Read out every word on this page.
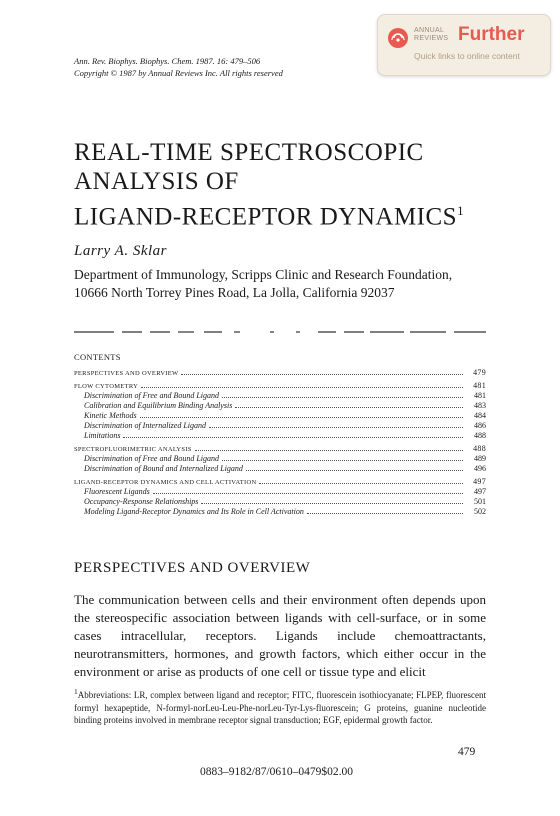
ANNUAL
REVIEWS Further
Quick links to online content
Ann. Rev. Biophys. Biophys. Chem. 1987. 16: 479–506
Copyright © 1987 by Annual Reviews Inc. All rights reserved
REAL-TIME SPECTROSCOPIC
ANALYSIS OF
LIGAND-RECEPTOR DYNAMICS$^1$
Larry A. Sklar
Department of Immunology, Scripps Clinic and Research Foundation,
10666 North Torrey Pines Road, La Jolla, California 92037
CONTENTS
PERSPECTIVES AND OVERVIEW	479
FLOW CYTOMETRY	481
Discrimination of Free and Bound Ligand	481
Calibration and Equilibrium Binding Analysis	483
Kinetic Methods	484
Discrimination of Internalized Ligand	486
Limitations	488
SPECTROFLUORIMETRIC ANALYSIS	488
Discrimination of Free and Bound Ligand	489
Discrimination of Bound and Internalized Ligand	496
LIGAND-RECEPTOR DYNAMICS AND CELL ACTIVATION	497
Fluorescent Ligands	497
Occupancy-Response Relationships	501
Modeling Ligand-Receptor Dynamics and Its Role in Cell Activation	502
PERSPECTIVES AND OVERVIEW
The communication between cells and their environment often depends upon the stereospecific association between ligands with cell-surface, or in some cases intracellular, receptors. Ligands include chemoattractants, neurotransmitters, hormones, and growth factors, which either occur in the environment or arise as products of one cell or tissue type and elicit
$^1$Abbreviations: LR, complex between ligand and receptor; FITC, fluorescein isothiocyanate; FLPEP, fluorescent formyl hexapeptide, N-formyl-norLeu-Leu-Phe-norLeu-Tyr-Lys-fluorescein; G proteins, guanine nucleotide binding proteins involved in membrane receptor signal transduction; EGF, epidermal growth factor.
479
0883–9182/87/0610–0479$02.00
